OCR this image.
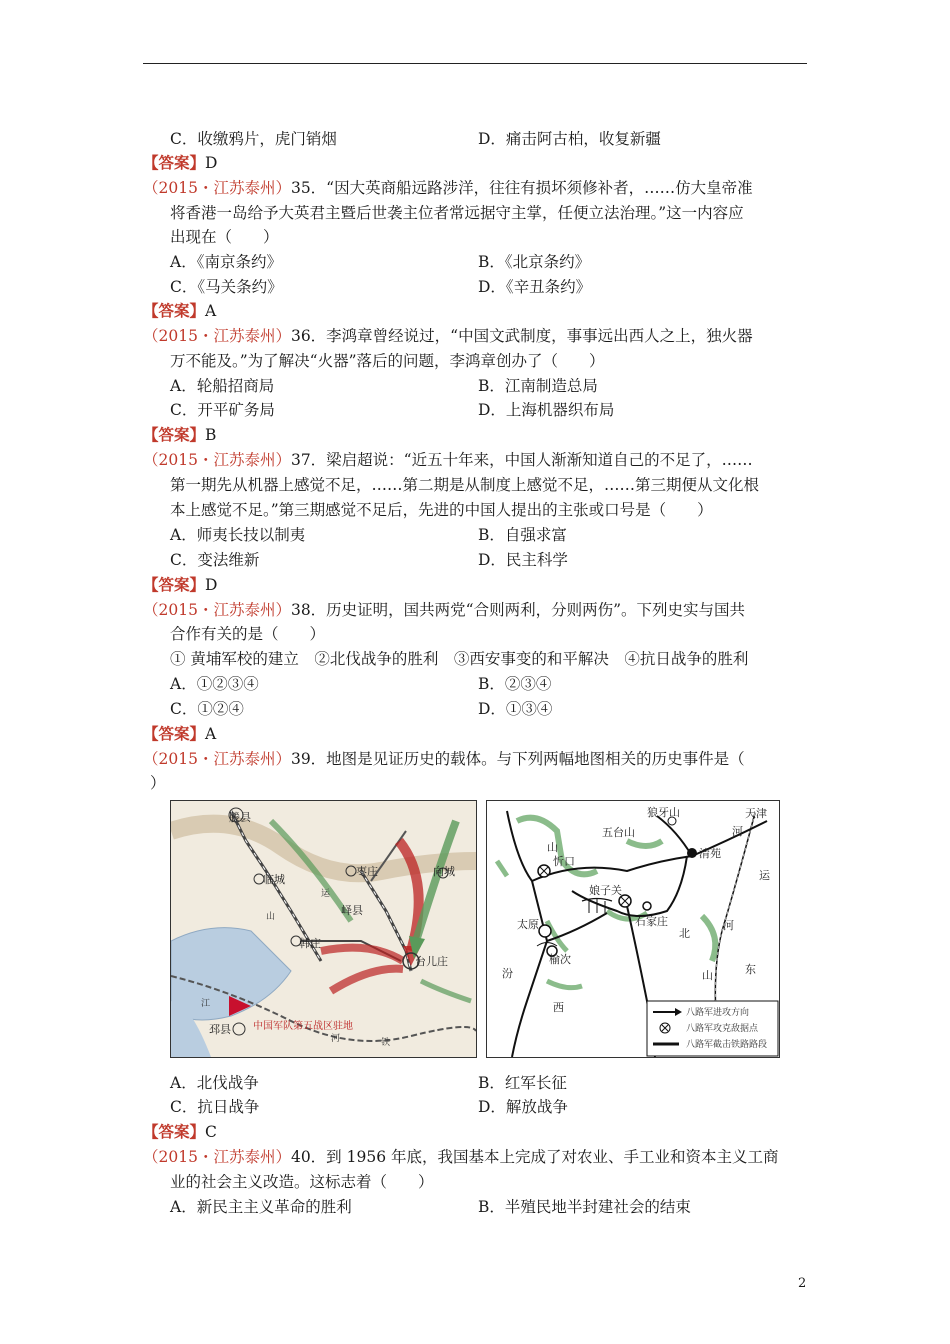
C．收缴鸦片，虎门销烟	D．痛击阿古柏，收复新疆
【答案】D
（2015・江苏泰州）35．“因大英商船远路涉洋，往往有损坏须修补者，……仿大皇帝准
将香港一岛给予大英君主暨后世袭主位者常远据守主掌，任便立法治理。”这一内容应
出现在（　　）
A．《南京条约》	B．《北京条约》
C．《马关条约》	D．《辛丑条约》
【答案】A
（2015・江苏泰州）36．李鸿章曾经说过，“中国文武制度，事事远出西人之上，独火器
万不能及。”为了解决“火器”落后的问题，李鸿章创办了（　　）
A．轮船招商局	B．江南制造总局
C．开平矿务局	D．上海机器织布局
【答案】B
（2015・江苏泰州）37．梁启超说：“近五十年来，中国人渐渐知道自己的不足了，……
第一期先从机器上感觉不足，……第二期是从制度上感觉不足，……第三期便从文化根
本上感觉不足。”第三期感觉不足后，先进的中国人提出的主张或口号是（　　）
A．师夷长技以制夷	B．自强求富
C．变法维新	D．民主科学
【答案】D
（2015・江苏泰州）38．历史证明，国共两党“合则两利，分则两伤”。下列史实与国共
合作有关的是（　　）
① 黄埔军校的建立　②北伐战争的胜利　③西安事变的和平解决　④抗日战争的胜利
A．①②③④	B．②③④
C．①②④	D．①③④
【答案】A
（2015・江苏泰州）39．地图是见证历史的载体。与下列两幅地图相关的历史事件是（
）
滕县
枣庄	向城
峄县
韩庄
台儿庄
临城
运
山
江
河	铁
邳县 中国军队第五战区驻地
五台山
狼牙山	天津
山
忻口
清苑
河
运
太原
娘子关
石家庄
北
榆次
汾
西
山	东
河
八路军进攻方向
八路军攻克敌据点
八路军截击铁路路段
A．北伐战争	B．红军长征
C．抗日战争	D．解放战争
【答案】C
（2015・江苏泰州）40．到 1956 年底，我国基本上完成了对农业、手工业和资本主义工商
业的社会主义改造。这标志着（　　）
A．新民主主义革命的胜利	B．半殖民地半封建社会的结束
2
